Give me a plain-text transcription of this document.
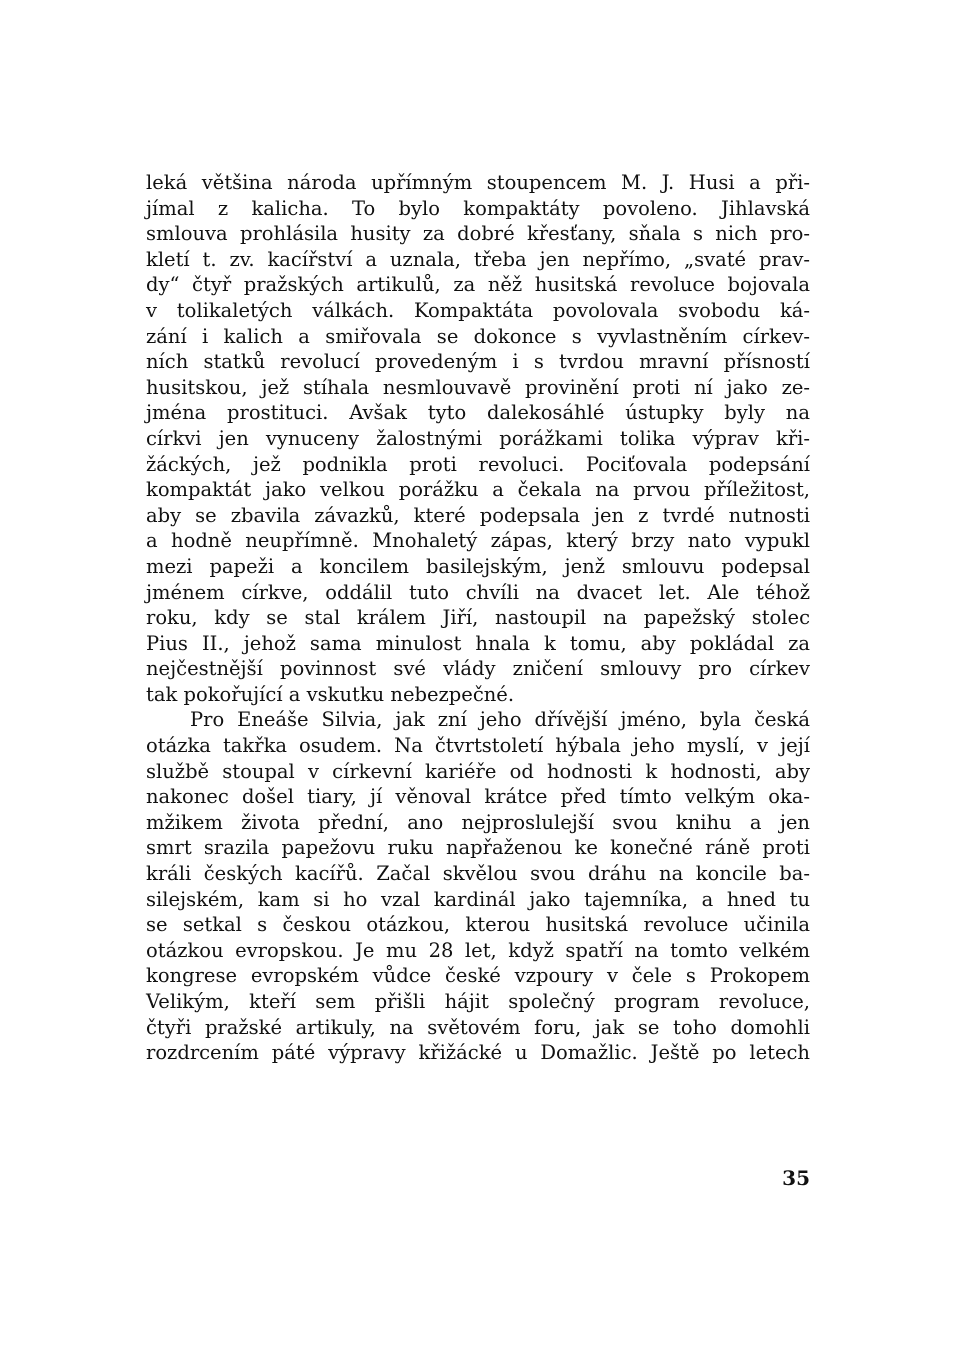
leká většina národa upřímným stoupencem M. J. Husi a při-
jímal z kalicha. To bylo kompaktáty povoleno. Jihlavská
smlouva prohlásila husity za dobré křesťany, sňala s nich pro-
kletí t. zv. kacířství a uznala, třeba jen nepřímo, „svaté prav-
dy“ čtyř pražských artikulů, za něž husitská revoluce bojovala
v tolikaletých válkách. Kompaktáta povolovala svobodu ká-
zání i kalich a smiřovala se dokonce s vyvlastněním církev-
ních statků revolucí provedeným i s tvrdou mravní přísností
husitskou, jež stíhala nesmlouvavě provinění proti ní jako ze-
jména prostituci. Avšak tyto dalekosáhlé ústupky byly na
církvi jen vynuceny žalostnými porážkami tolika výprav kři-
žáckých, jež podnikla proti revoluci. Pociťovala podepsání
kompaktát jako velkou porážku a čekala na prvou příležitost,
aby se zbavila závazků, které podepsala jen z tvrdé nutnosti
a hodně neupřímně. Mnohaletý zápas, který brzy nato vypukl
mezi papeži a koncilem basilejským, jenž smlouvu podepsal
jménem církve, oddálil tuto chvíli na dvacet let. Ale téhož
roku, kdy se stal králem Jiří, nastoupil na papežský stolec
Pius II., jehož sama minulost hnala k tomu, aby pokládal za
nejčestnější povinnost své vlády zničení smlouvy pro církev
tak pokořující a vskutku nebezpečné.
Pro Eneáše Silvia, jak zní jeho dřívější jméno, byla česká
otázka takřka osudem. Na čtvrtstoletí hýbala jeho myslí, v její
službě stoupal v církevní kariéře od hodnosti k hodnosti, aby
nakonec došel tiary, jí věnoval krátce před tímto velkým oka-
mžikem života přední, ano nejproslulejší svou knihu a jen
smrt srazila papežovu ruku napřaženou ke konečné ráně proti
králi českých kacířů. Začal skvělou svou dráhu na koncile ba-
silejském, kam si ho vzal kardinál jako tajemníka, a hned tu
se setkal s českou otázkou, kterou husitská revoluce učinila
otázkou evropskou. Je mu 28 let, když spatří na tomto velkém
kongrese evropském vůdce české vzpoury v čele s Prokopem
Velikým, kteří sem přišli hájit společný program revoluce,
čtyři pražské artikuly, na světovém foru, jak se toho domohli
rozdrcením páté výpravy křižácké u Domažlic. Ještě po letech
35
